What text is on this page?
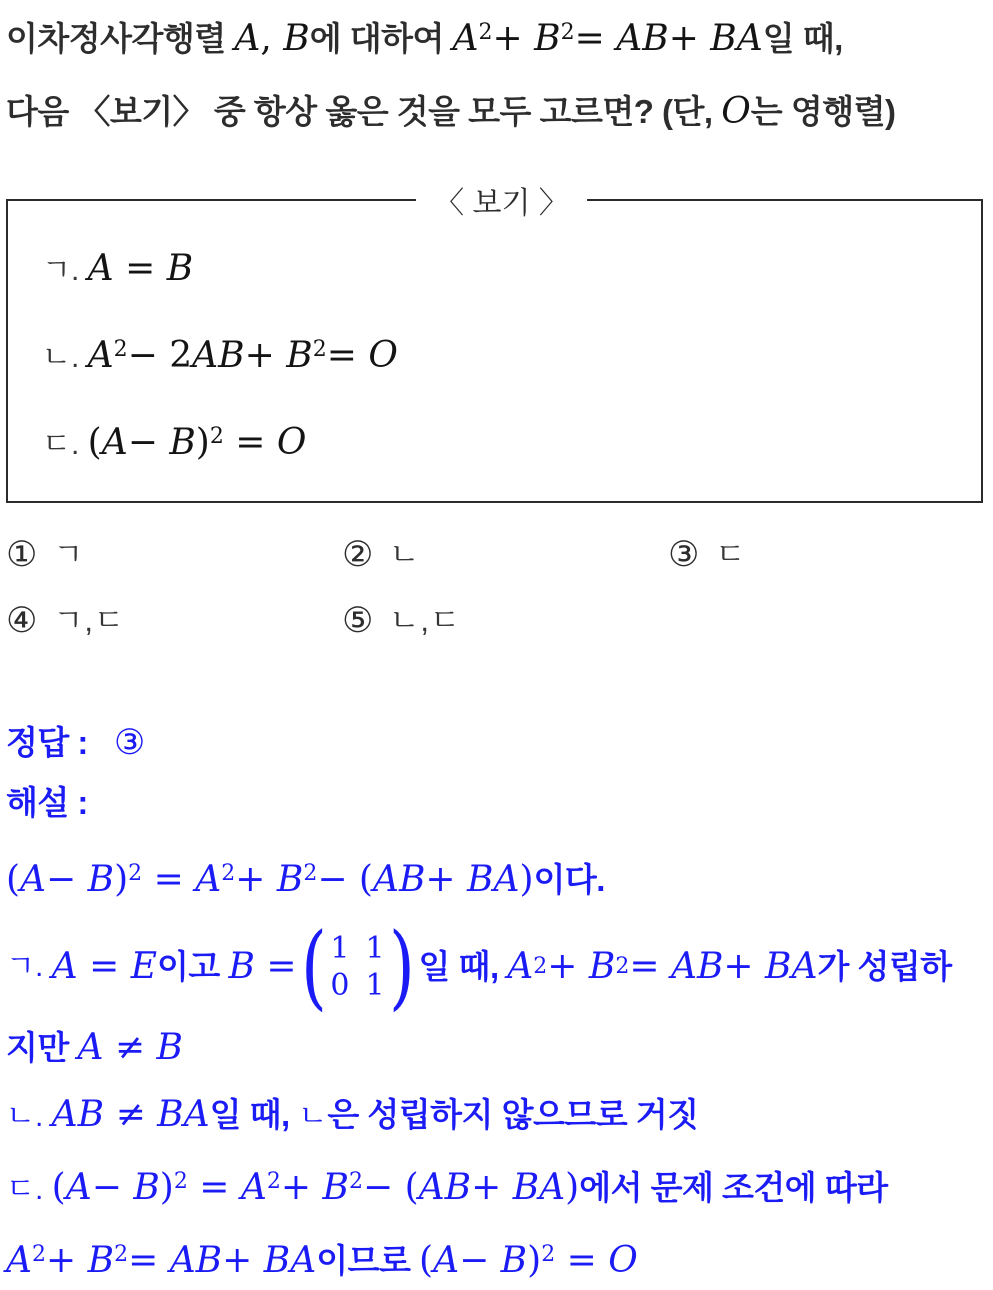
이차정사각행렬 A, B에 대하여 A2+ B2= AB+ BA일 때,
다음 〈보기〉 중 항상 옳은 것을 모두 고르면? (단, O는 영행렬)
〈 보기 〉
ㄱ. A = B
ㄴ. A2− 2AB+ B2= O
ㄷ. (A− B)2 = O
① ㄱ	② ㄴ	③ ㄷ
④ ㄱ,ㄷ	⑤ ㄴ,ㄷ
정답 : ③
해설 :
(A− B)2 = A2+ B2− (AB+ BA)이다.
ㄱ. A = E 이고 B = ( 1 1
0 1 ) 일 때, A 2 + B 2 = AB + BA 가 성립하
지만 A ≠ B
ㄴ. AB ≠ BA일 때, ㄴ은 성립하지 않으므로 거짓
ㄷ. (A− B)2 = A2+ B2− (AB+ BA)에서 문제 조건에 따라
A2+ B2= AB+ BA이므로 (A− B)2 = O
